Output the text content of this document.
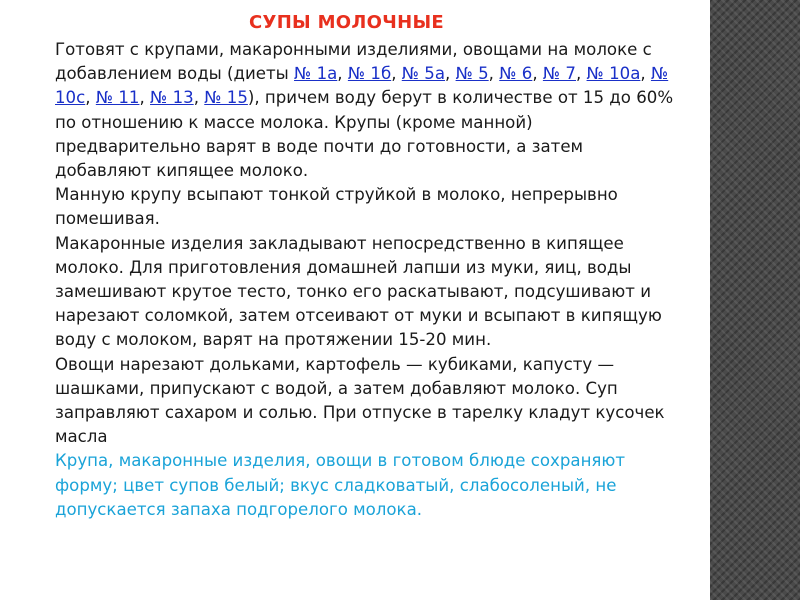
СУПЫ МОЛОЧНЫЕ

Готовят с крупами, макаронными изделиями, овощами на молоке с добавлением воды (диеты № 1а, № 1б, № 5а, № 5, № 6, № 7, № 10а, № 10с, № 11, № 13, № 15), причем воду берут в количестве от 15 до 60% по отношению к массе молока. Крупы (кроме манной) предварительно варят в воде почти до готовности, а затем добавляют кипящее молоко.

Манную крупу всыпают тонкой струйкой в молоко, непрерывно помешивая.

Макаронные изделия закладывают непосредственно в кипящее молоко. Для приготовления домашней лапши из муки, яиц, воды замешивают крутое тесто, тонко его раскатывают, подсушивают и нарезают соломкой, затем отсеивают от муки и всыпают в кипящую воду с молоком, варят на протяжении 15-20 мин.

Овощи нарезают дольками, картофель — кубиками, капусту — шашками, припускают с водой, а затем добавляют молоко. Суп заправляют сахаром и солью. При отпуске в тарелку кладут кусочек масла

Крупа, макаронные изделия, овощи в готовом блюде сохраняют форму; цвет супов белый; вкус сладковатый, слабосоленый, не допускается запаха подгорелого молока.
